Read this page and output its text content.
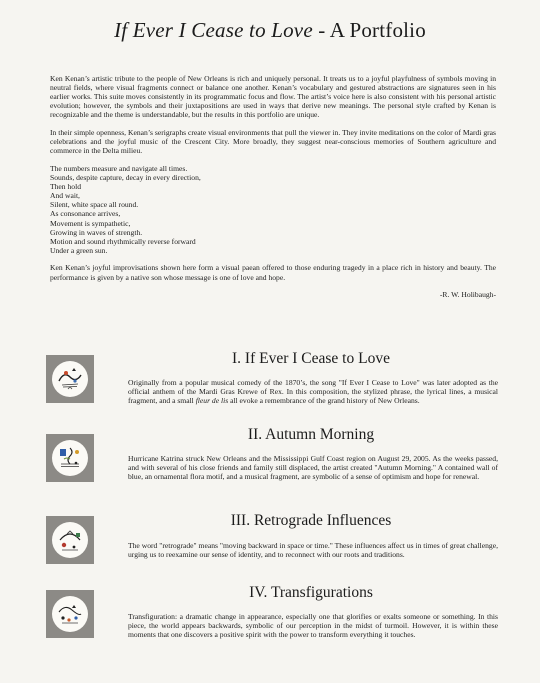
If Ever I Cease to Love - A Portfolio

Ken Kenan’s artistic tribute to the people of New Orleans is rich and uniquely personal. It treats us to a joyful playfulness of symbols moving in neutral fields, where visual fragments connect or balance one another. Kenan’s vocabulary and gestured abstractions are signatures seen in his earlier works. This suite moves consistently in its programmatic focus and flow. The artist’s voice here is also consistent with his personal artistic evolution; however, the symbols and their juxtapositions are used in ways that derive new meanings. The personal style crafted by Kenan is recognizable and the theme is understandable, but the results in this portfolio are unique.

In their simple openness, Kenan’s serigraphs create visual environments that pull the viewer in. They invite meditations on the color of Mardi gras celebrations and the joyful music of the Crescent City. More broadly, they suggest near-conscious memories of Southern agriculture and commerce in the Delta milieu.

The numbers measure and navigate all times.
Sounds, despite capture, decay in every direction,
Then hold
And wait,
Silent, white space all round.
As consonance arrives,
Movement is sympathetic,
Growing in waves of strength.
Motion and sound rhythmically reverse forward
Under a green sun.

Ken Kenan’s joyful improvisations shown here form a visual paean offered to those enduring tragedy in a place rich in history and beauty. The performance is given by a native son whose message is one of love and hope.

-R. W. Holibaugh-
I. If Ever I Cease to Love
Originally from a popular musical comedy of the 1870’s, the song "If Ever I Cease to Love" was later adopted as the official anthem of the Mardi Gras Krewe of Rex. In this composition, the stylized phrase, the lyrical lines, a musical fragment, and a small fleur de lis all evoke a remembrance of the grand history of New Orleans.
II. Autumn Morning
Hurricane Katrina struck New Orleans and the Mississippi Gulf Coast region on August 29, 2005. As the weeks passed, and with several of his close friends and family still displaced, the artist created "Autumn Morning." A contained wall of blue, an ornamental flora motif, and a musical fragment, are symbolic of a sense of optimism and hope for renewal.
III. Retrograde Influences
The word "retrograde" means "moving backward in space or time." These influences affect us in times of great challenge, urging us to reexamine our sense of identity, and to reconnect with our roots and traditions.
IV. Transfigurations
Transfiguration: a dramatic change in appearance, especially one that glorifies or exalts someone or something. In this piece, the world appears backwards, symbolic of our perception in the midst of turmoil. However, it is within these moments that one discovers a positive spirit with the power to transform everything it touches.
